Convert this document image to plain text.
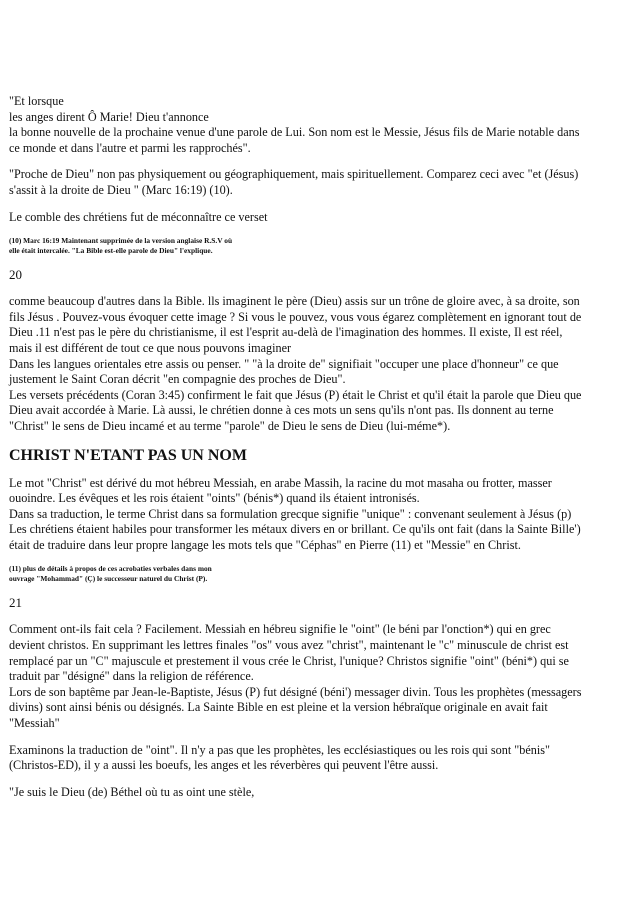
"Et lorsque

les anges dirent Ô Marie! Dieu t'annonce

la bonne nouvelle de la prochaine venue d'une parole de Lui. Son nom est le Messie, Jésus fils de Marie notable dans

ce monde et dans l'autre et parmi les rapprochés".

"Proche de Dieu" non pas physiquement ou géographiquement, mais spirituellement. Comparez ceci avec "et (Jésus)

s'assit à la droite de Dieu " (Marc 16:19) (10).

Le comble des chrétiens fut de méconnaître ce verset

(10) Marc 16:19 Maintenant supprimée de la version anglaise R.S.V où

elle était intercalée. "La Bible est-elle parole de Dieu" l'explique.

20

comme beaucoup d'autres dans la Bible. lls imaginent le père (Dieu) assis sur un trône de gloire avec, à sa droite, son

fils Jésus . Pouvez-vous évoquer cette image ? Si vous le pouvez, vous vous égarez complètement en ignorant tout de

Dieu .11 n'est pas le père du christianisme, il est l'esprit au-delà de l'imagination des hommes. Il existe, Il est réel,

mais il est différent de tout ce que nous pouvons imaginer

Dans les langues orientales etre assis ou penser. " "à la droite de" signifiait "occuper une place d'honneur" ce que

justement le Saint Coran décrit "en compagnie des proches de Dieu".

Les versets précédents (Coran 3:45) confirment le fait que Jésus (P) était le Christ et qu'il était la parole que Dieu que

Dieu avait accordée à Marie. Là aussi, le chrétien donne à ces mots un sens qu'ils n'ont pas. Ils donnent au terne

"Christ" le sens de Dieu incamé et au terme "parole" de Dieu le sens de Dieu (lui-méme*).

CHRIST N'ETANT PAS UN NOM

Le mot "Christ" est dérivé du mot hébreu Messiah, en arabe Massih, la racine du mot masaha ou frotter, masser

ouoindre. Les évêques et les rois étaient "oints" (bénis*) quand ils étaient intronisés.

Dans sa traduction, le terme Christ dans sa formulation grecque signifie "unique" : convenant seulement à Jésus (p)

Les chrétiens étaient habiles pour transformer les métaux divers en or brillant. Ce qu'ils ont fait (dans la Sainte Bille')

était de traduire dans leur propre langage les mots tels que "Céphas" en Pierre (11) et "Messie" en Christ.

(11) plus de détails à propos de ces acrobaties verbales dans mon

ouvrage "Mohammad" (Ç) le successeur naturel du Christ (P).

21

Comment ont-ils fait cela ? Facilement. Messiah en hébreu signifie le "oint" (le béni par l'onction*) qui en grec

devient christos. En supprimant les lettres finales "os" vous avez "christ", maintenant le "c" minuscule de christ est

remplacé par un "C" majuscule et prestement il vous crée le Christ, l'unique? Christos signifie "oint" (béni*) qui se

traduit par "désigné" dans la religion de référence.

Lors de son baptême par Jean-le-Baptiste, Jésus (P) fut désigné (béni') messager divin. Tous les prophètes (messagers

divins) sont ainsi bénis ou désignés. La Sainte Bible en est pleine et la version hébraïque originale en avait fait

"Messiah"

Examinons la traduction de "oint". Il n'y a pas que les prophètes, les ecclésiastiques ou les rois qui sont "bénis"

(Christos-ED), il y a aussi les boeufs, les anges et les réverbères qui peuvent l'être aussi.

"Je suis le Dieu (de) Béthel où tu as oint une stèle,
